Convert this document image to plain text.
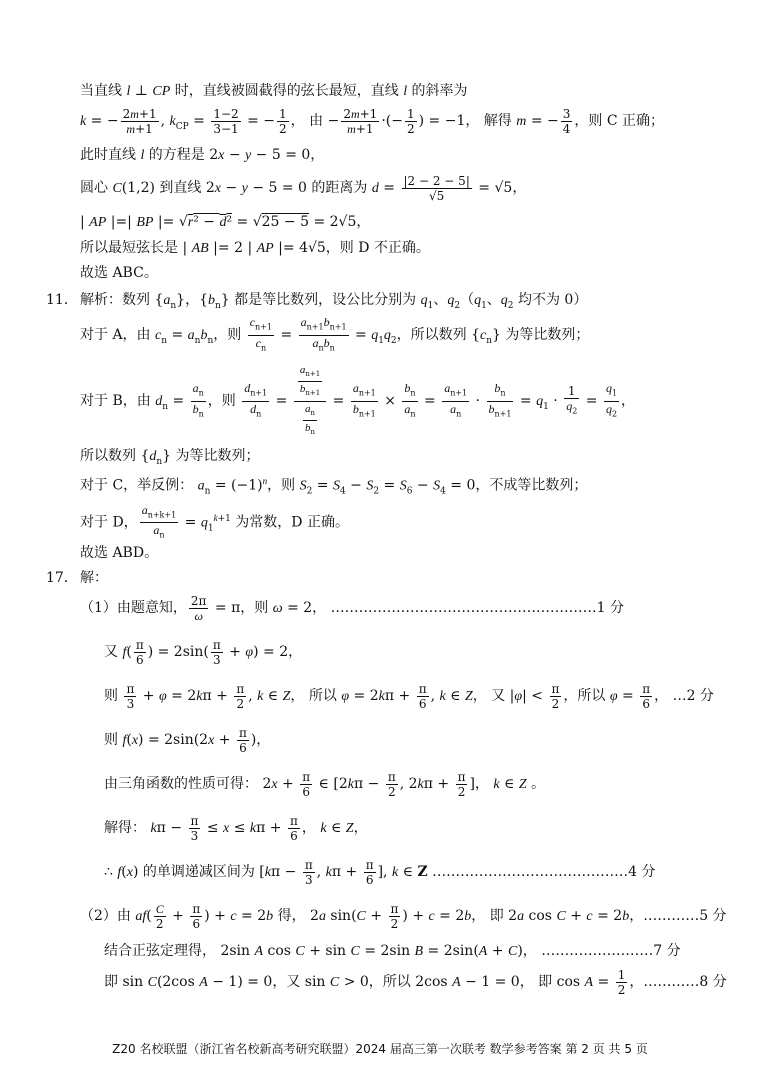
当直线 l ⊥ CP 时，直线被圆截得的弦长最短，直线 l 的斜率为
k = − $\frac{2m+1}{m+1}$ , $k_{CP} = \frac{1-2}{3-1}$ = − $\frac{1}{2}$ ， 由 − $\frac{2m+1}{m+1}$ ·(− $\frac{1}{2}$ ) = −1， 解得 m = − $\frac{3}{4}$ ，则 C 正确；
此时直线 l 的方程是 2x − y − 5 = 0，
圆心 C(1,2) 到直线 2x − y − 5 = 0 的距离为 $d = \frac{|2 - 2 - 5|}{√5} = √5$，
| AP |=| BP |= √r² − d² = √25 − 5 = 2√5，
所以最短弦长是 | AB |= 2 | AP |= 4√5，则 D 不正确。
故选 ABC。
11． 解析：数列 $\{a_n\}$，$\{b_n\}$ 都是等比数列，设公比分别为 $q_1$、$q_2(q_1$、$q_2$ 均不为 0）
对于 A，由 $c_n = a_nb_n$，则 $\frac{c_{n+1}}{c_n} = \frac{a_{n+1}b_{n+1}}{a_nb_n} = q_1q_2$，所以数列 $\{c_n\}$ 为等比数列；
对于 B，由 $d_n = \frac{a_n}{b_n}$ ，则 $\frac{d_{n+1}}{d_n} = \frac{\frac{a_{n+1}}{b_{n+1}}}{\frac{a_n}{b_n}} = \frac{a_{n+1}}{b_{n+1}} \times \frac{b_n}{a_n} = \frac{a_{n+1}}{a_n} \cdot \frac{b_n}{b_{n+1}} = q_1 \cdot \frac{1}{q_2} = \frac{q_1}{q_2}$ ，
所以数列 $\{d_n\}$ 为等比数列；
对于 C，举反例： $a_n = (-1)^n$，则 $S_2 = S_4 - S_2 = S_6 - S_4 = 0$，不成等比数列；
对于 D， $\frac{a_{n+k+1}}{a_n} = q_1^{k+1}$ 为常数，D 正确。
故选 ABD。
17． 解：
（1）由题意知， $\frac{2\pi}{\omega} = \pi$，则 ω = 2， …………………………………………………1 分
又 $f( \frac{\pi}{6}$ ) = $2\sin( \frac{\pi}{3} + \varphi) = 2$，
则 $\frac{\pi}{3} + \varphi = 2k\pi + \frac{\pi}{2}$ , k ∈ Z， 所以 $\varphi = 2k\pi + \frac{\pi}{6}$ , k ∈ Z， 又 $|\varphi| < \frac{\pi}{2}$ ，所以 $\varphi = \frac{\pi}{6}$ ， …2 分
则 $f(x) = 2\sin(2x + \frac{\pi}{6}$ )，
由三角函数的性质可得： $2x + \frac{\pi}{6}$ ∈ [$2k\pi - \frac{\pi}{2}$ , $2k\pi + \frac{\pi}{2}$ ]， k ∈ Z 。
解得： $k\pi - \frac{\pi}{3} \le x \le k\pi + \frac{\pi}{6}$ ， k ∈ Z，
∴ f(x) 的单调递减区间为 [$k\pi - \frac{\pi}{3}$ , $k\pi + \frac{\pi}{6}$ ], k ∈ Z ……………………………………4 分
（2）由 $af( \frac{C}{2} + \frac{\pi}{6}$ ) + c = 2b 得， 2a $\sin(C + \frac{\pi}{2}$ ) + c = 2b， 即 2a cos C + c = 2b，…………5 分
结合正弦定理得， 2sin A cos C + sin C = 2sin B = 2sin(A + C)， ……………………7 分
即 sin C(2cos A − 1) = 0，又 sin C > 0，所以 2cos A − 1 = 0， 即 $\cos A = \frac{1}{2}$ ，…………8 分
Z20 名校联盟（浙江省名校新高考研究联盟）2024 届高三第一次联考 数学参考答案 第 2 页 共 5 页
